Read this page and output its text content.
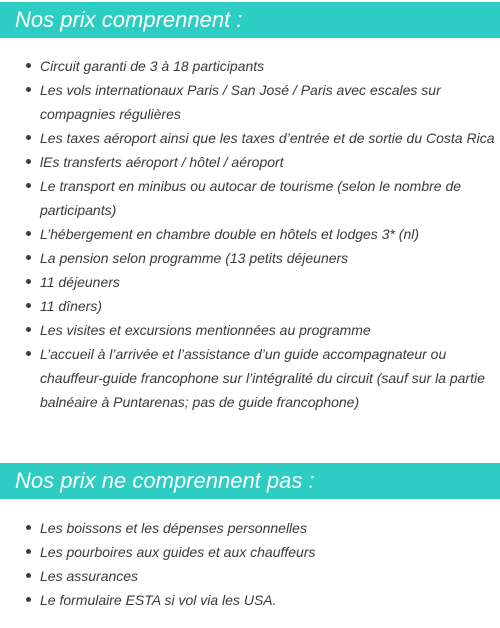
Nos prix comprennent :
Circuit garanti de 3 à 18 participants
Les vols internationaux Paris / San José / Paris avec escales sur
compagnies régulières
Les taxes aéroport ainsi que les taxes d’entrée et de sortie du Costa Rica
lEs transferts aéroport / hôtel / aéroport
Le transport en minibus ou autocar de tourisme (selon le nombre de
participants)
L’hébergement en chambre double en hôtels et lodges 3* (nl)
La pension selon programme (13 petits déjeuners
11 déjeuners
11 dîners)
Les visites et excursions mentionnées au programme
L’accueil à l’arrivée et l’assistance d’un guide accompagnateur ou
chauffeur-guide francophone sur l’intégralité du circuit (sauf sur la partie
balnéaire à Puntarenas; pas de guide francophone)
Nos prix ne comprennent pas :
Les boissons et les dépenses personnelles
Les pourboires aux guides et aux chauffeurs
Les assurances
Le formulaire ESTA si vol via les USA.
